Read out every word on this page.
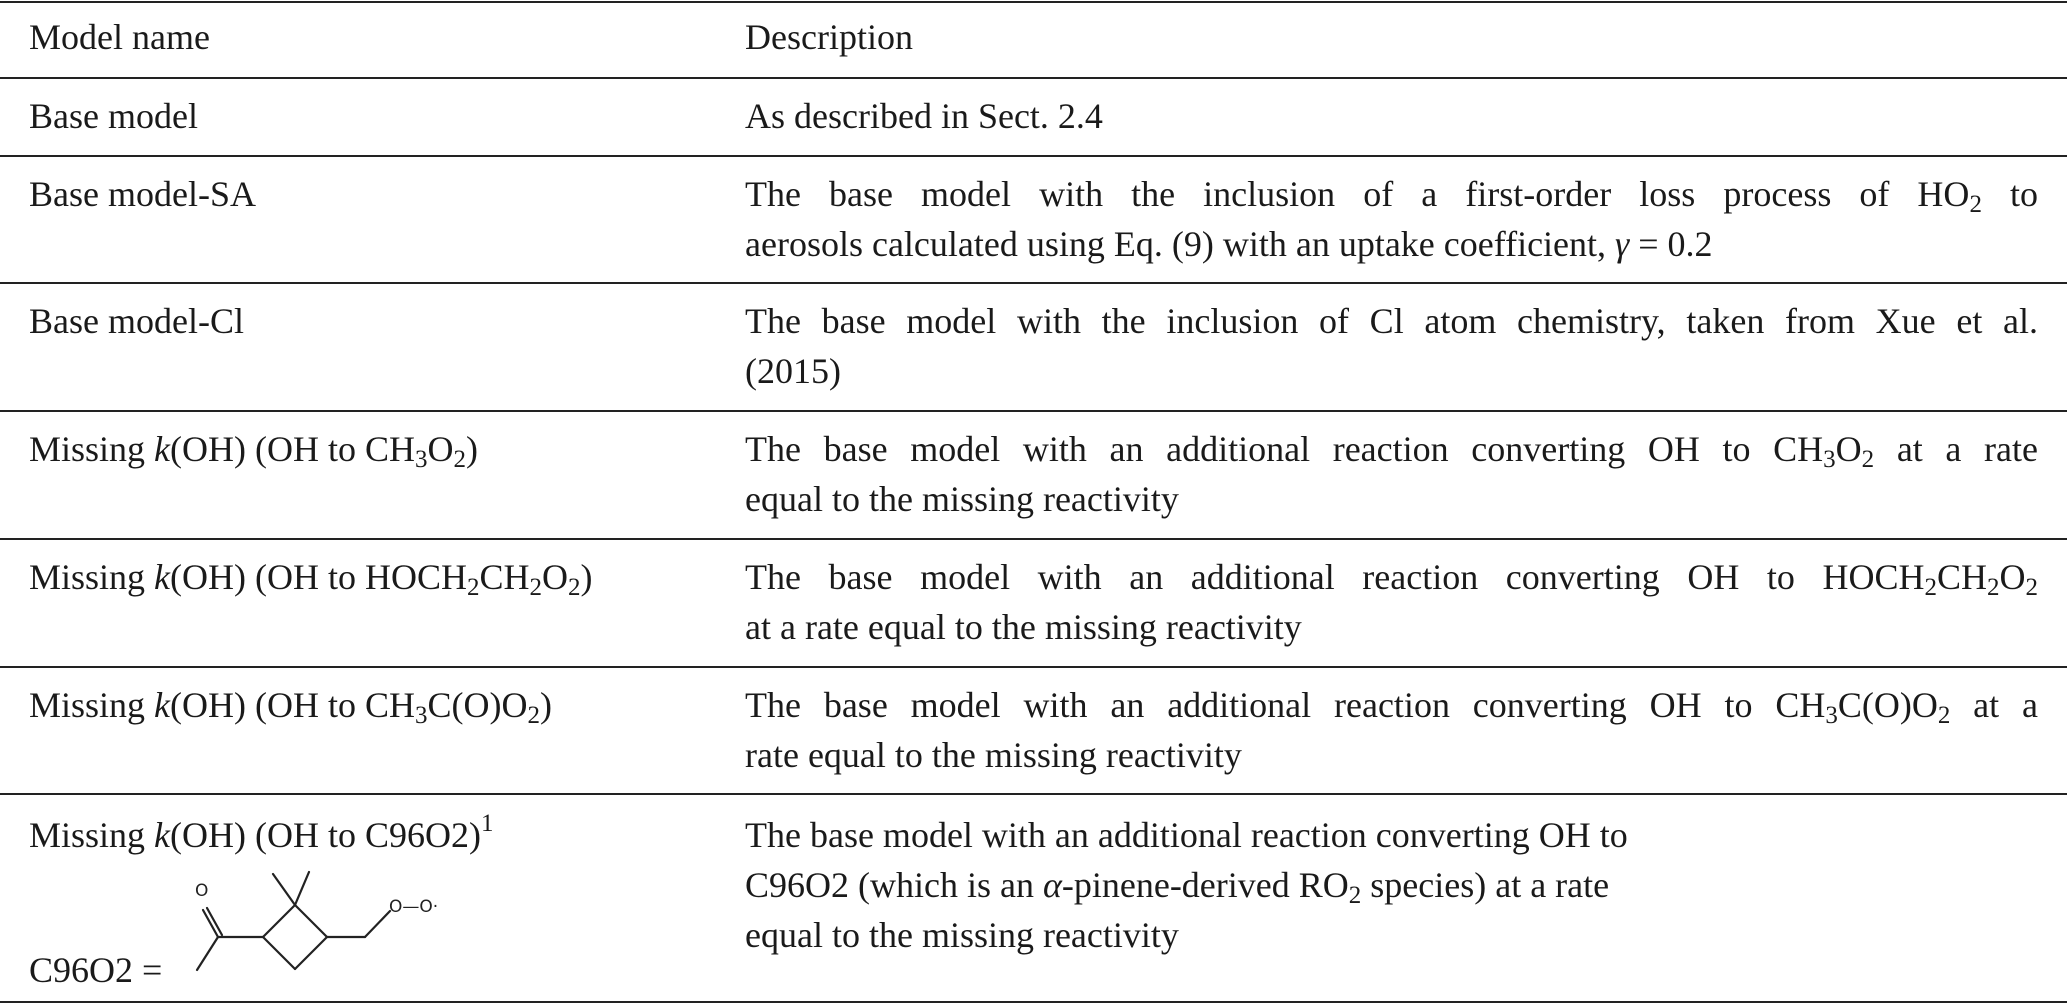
Model name	Description
Base model	As described in Sect. 2.4
Base model-SA	The base model with the inclusion of a first-order loss process of $HO_2$ to
aerosols calculated using Eq. (9) with an uptake coefficient, γ = 0.2
Base model-Cl	The base model with the inclusion of Cl atom chemistry, taken from Xue et al.
(2015)
Missing k(OH) (OH to $CH_3O_2$)	The base model with an additional reaction converting OH to $CH_3O_2$ at a rate
equal to the missing reactivity
Missing k(OH) (OH to $HOCH_2CH_2O_2$)	The base model with an additional reaction converting OH to $HOCH_2CH_2O_2$
at a rate equal to the missing reactivity
Missing k(OH) (OH to $CH_3C(O)O_2$)	The base model with an additional reaction converting OH to $CH_3C(O)O_2$ at a
rate equal to the missing reactivity
Missing k(OH) (OH to C96O2)$^1$	The base model with an additional reaction converting OH to
C96O2 (which is an α-pinene-derived $RO_2$ species) at a rate
equal to the missing reactivity
C96O2 =
O
O—O·
